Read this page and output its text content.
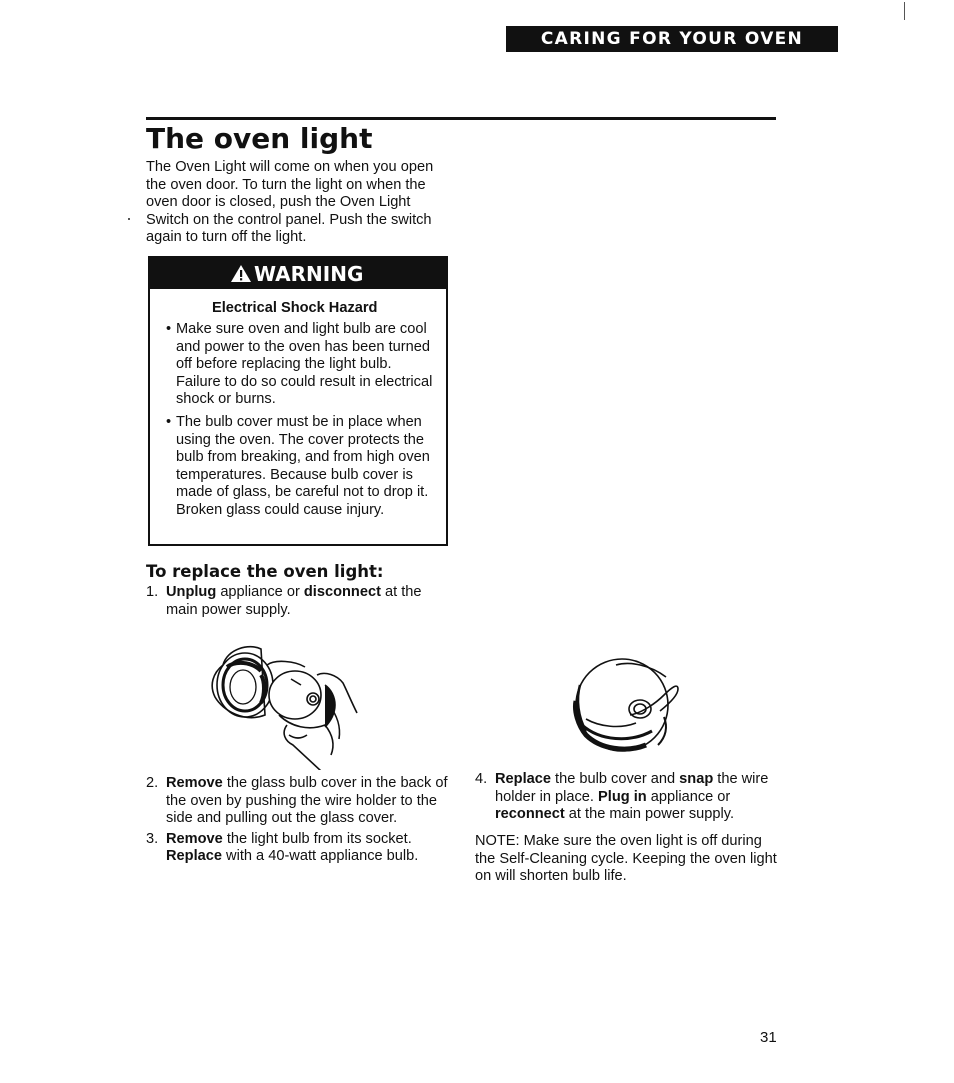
CARING FOR YOUR OVEN
The oven light

The Oven Light will come on when you open the oven door. To turn the light on when the oven door is closed, push the Oven Light Switch on the control panel. Push the switch again to turn off the light.

WARNING
Electrical Shock Hazard
• Make sure oven and light bulb are cool and power to the oven has been turned off before replacing the light bulb. Failure to do so could result in electrical shock or burns.
• The bulb cover must be in place when using the oven. The cover protects the bulb from breaking, and from high oven temperatures. Because bulb cover is made of glass, be careful not to drop it. Broken glass could cause injury.
To replace the oven light:
1. Unplug appliance or disconnect at the main power supply.
2. Remove the glass bulb cover in the back of the oven by pushing the wire holder to the side and pulling out the glass cover.
3. Remove the light bulb from its socket. Replace with a 40-watt appliance bulb.
4. Replace the bulb cover and snap the wire holder in place. Plug in appliance or reconnect at the main power supply.

NOTE: Make sure the oven light is off during the Self-Cleaning cycle. Keeping the oven light on will shorten bulb life.

31
